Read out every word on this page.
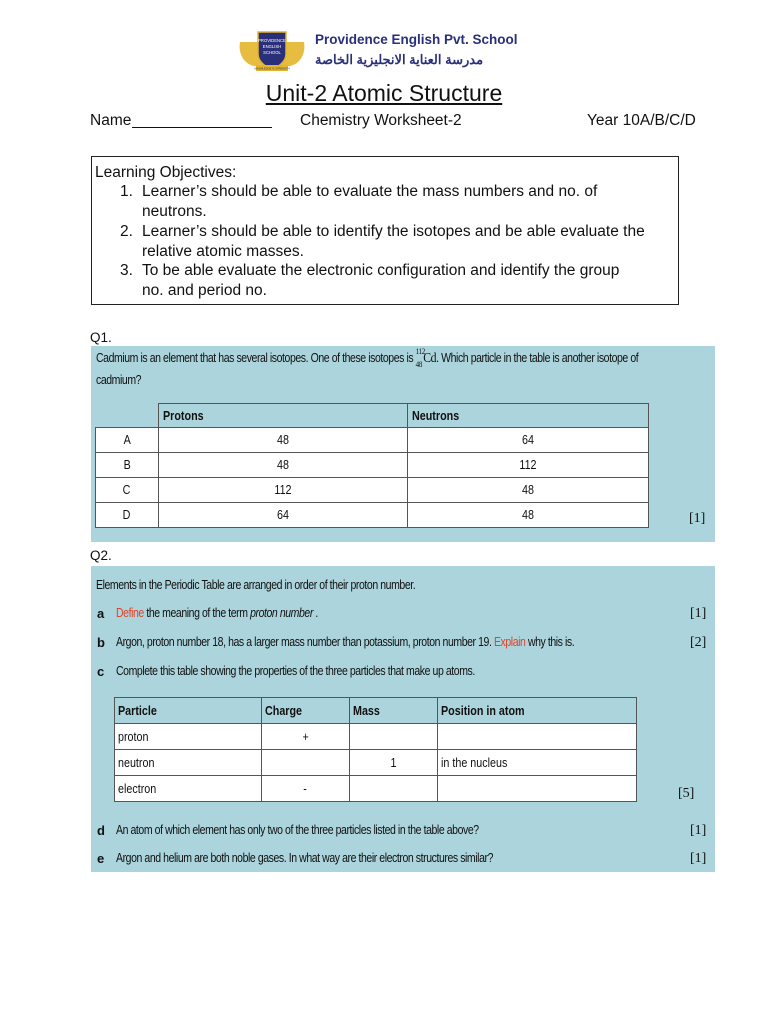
PROVIDENCE
ENGLISH
SCHOOL
KNOWLEDGE IS STRENGTH
Providence English Pvt. School
مدرسة العناية الانجليزية الخاصة
Unit-2 Atomic Structure
Name	Chemistry Worksheet-2	Year 10A/B/C/D
Learning Objectives:
1. Learner’s should be able to evaluate the mass numbers and no. of
neutrons.
2. Learner’s should be able to identify the isotopes and be able evaluate the
relative atomic masses.
3. To be able evaluate the electronic configuration and identify the group
no. and period no.
Q1.
Cadmium is an element that has several isotopes. One of these isotopes is 112
48 Cd. Which particle in the table is another isotope of
cadmium?
	Protons	Neutrons
A	48	64
B	48	112
C	112	48
D	64	48	[1]
Q2.
Elements in the Periodic Table are arranged in order of their proton number.
a Define the meaning of the term proton number .	[1]
b Argon, proton number 18, has a larger mass number than potassium, proton number 19. Explain why this is.	[2]
c Complete this table showing the properties of the three particles that make up atoms.
Particle	Charge	Mass	Position in atom
proton	+		
neutron		1	in the nucleus
electron	-			[5]
d An atom of which element has only two of the three particles listed in the table above?	[1]
e Argon and helium are both noble gases. In what way are their electron structures similar?	[1]
